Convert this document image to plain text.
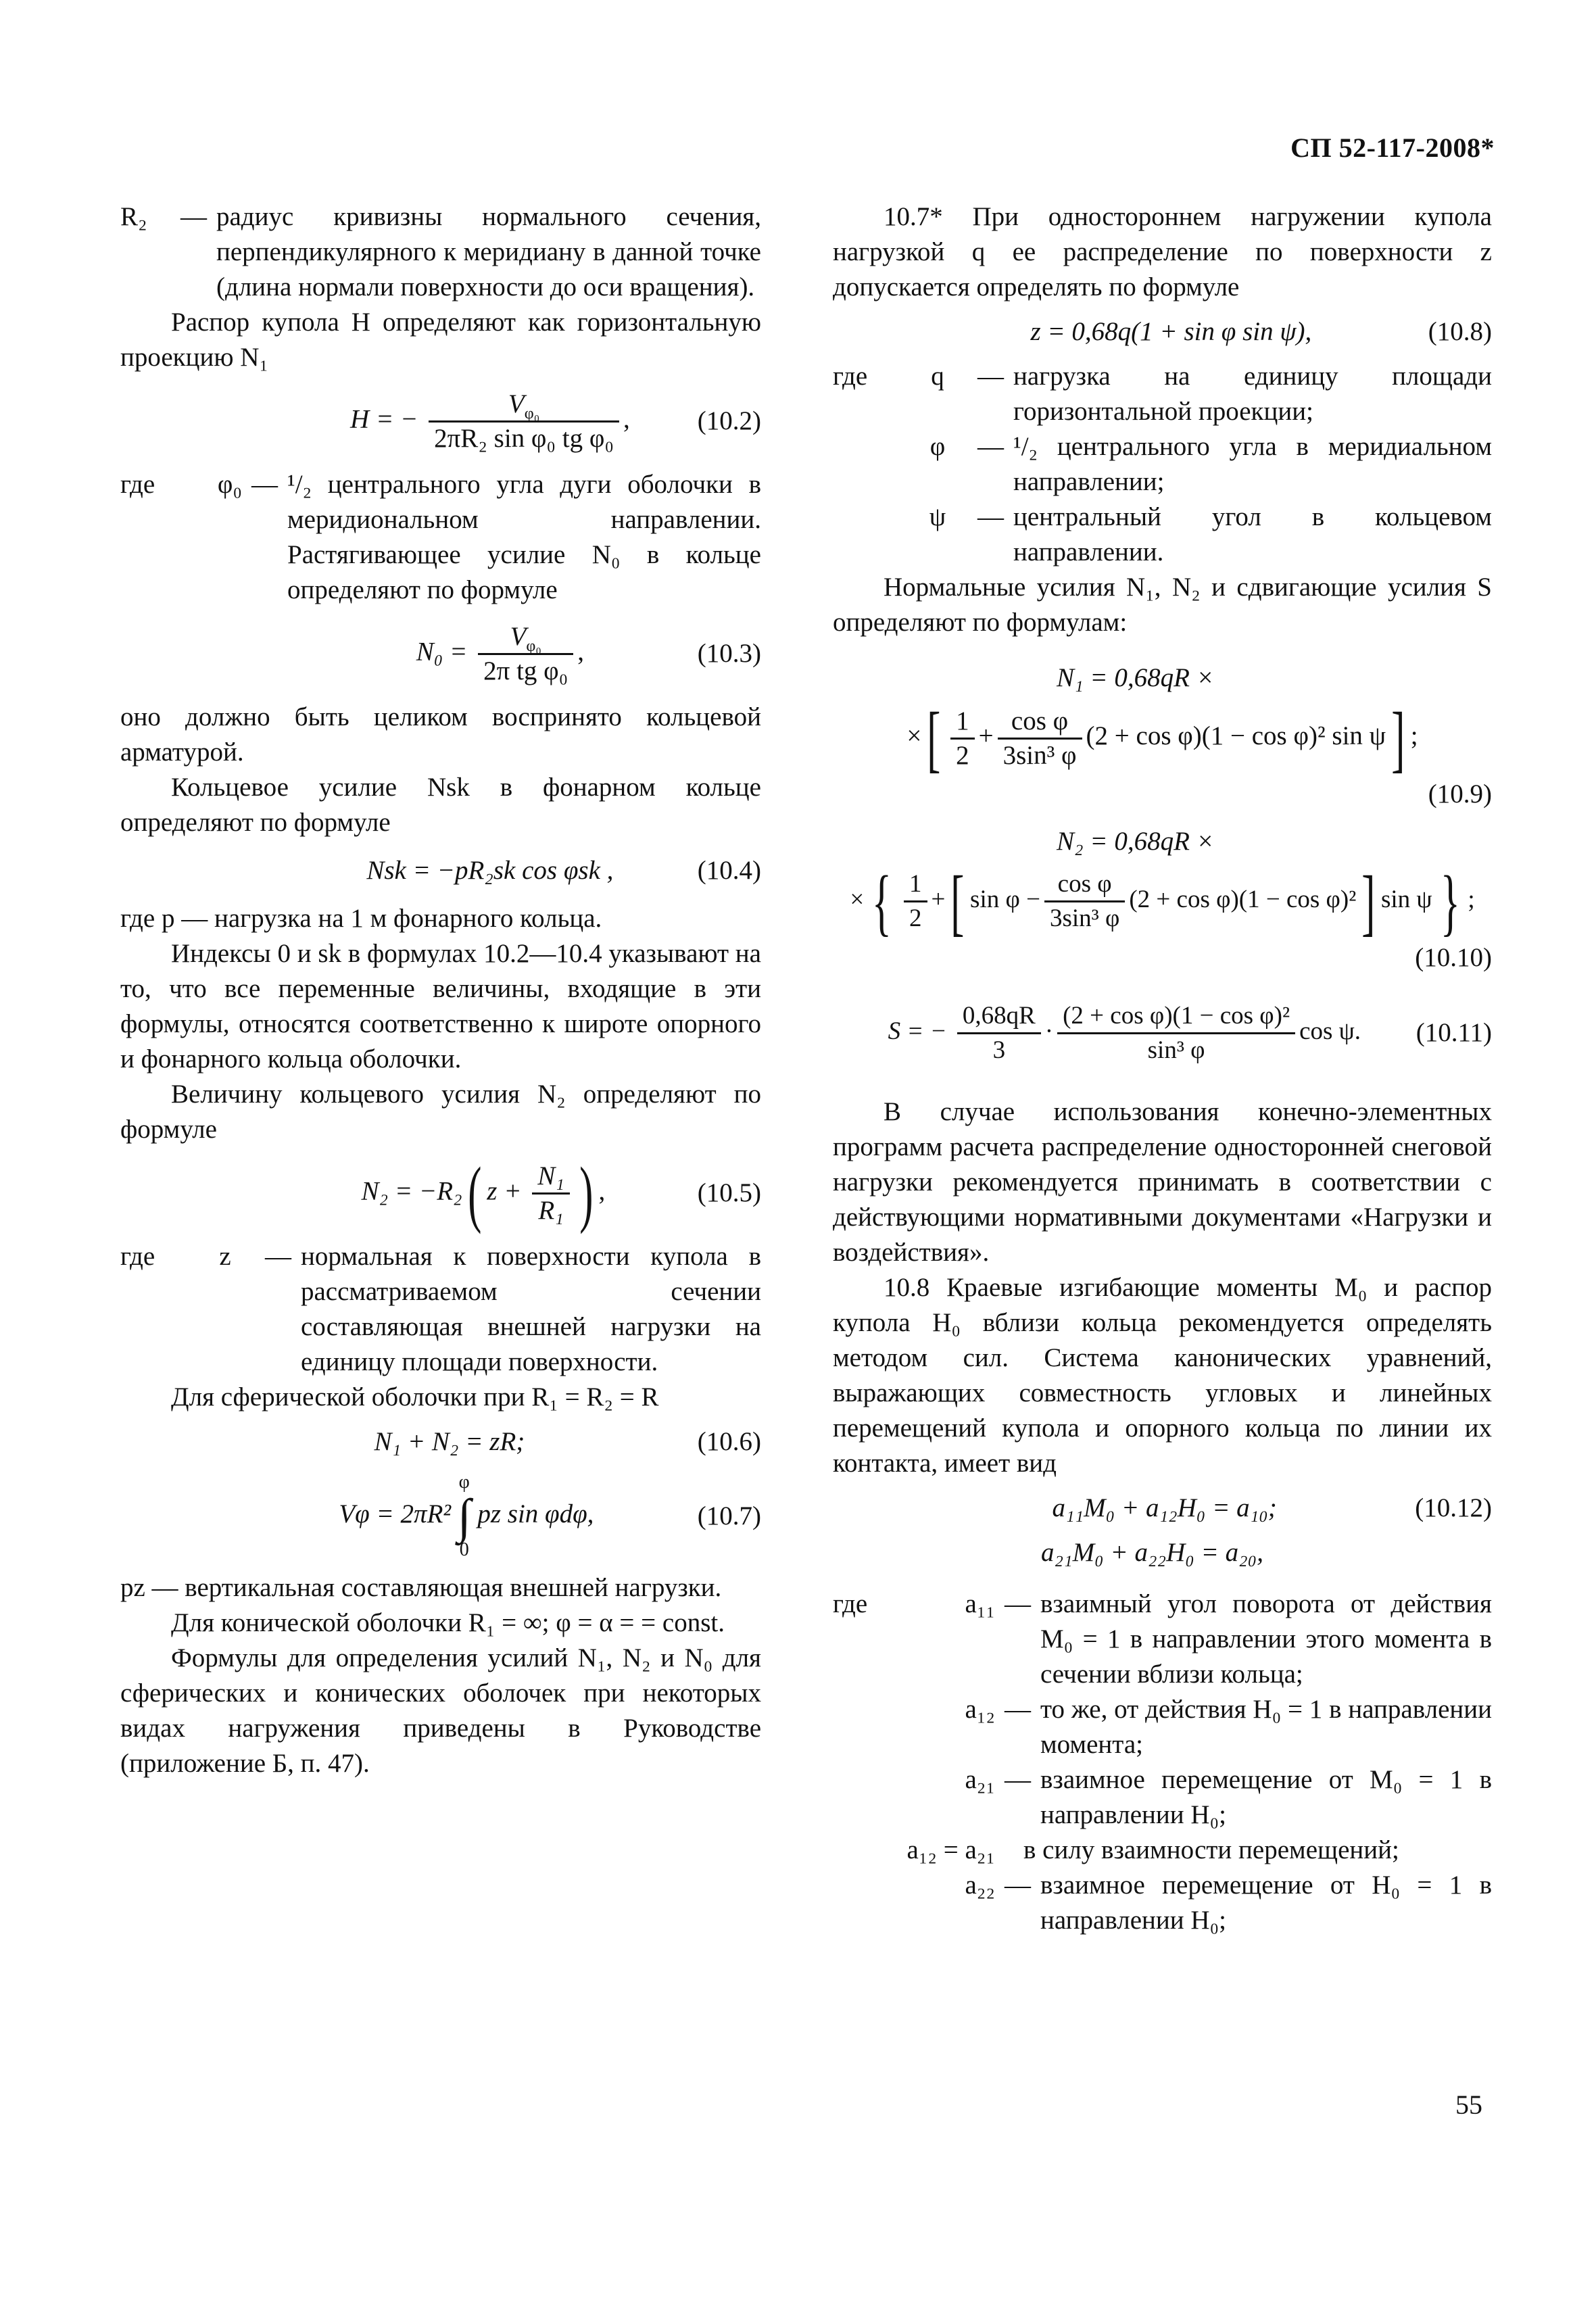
СП 52-117-2008*
R₂	— радиус кривизны нормального сечения, перпендикулярного к меридиану в данной точке (длина нормали поверхности до оси вращения).

Распор купола H определяют как горизонтальную проекцию N₁

H = − $\frac{V_{\varphi_0}}{\text{2πR₂ sin φ₀ tg φ₀}}$ ,	(10.2)
где	φ₀ — ¹/₂ центрального угла дуги оболочки в меридиональном направлении. Растягивающее усилие N₀ в кольце определяют по формуле
$N_0 = \frac{V_{\varphi_0}}{\text{2π tg φ₀}}$ ,	(10.3)

оно должно быть целиком воспринято кольцевой арматурой.

Кольцевое усилие Nsk в фонарном кольце определяют по формуле

Nsk = −pR₂sk cos φsk ,	(10.4)

где p — нагрузка на 1 м фонарного кольца.

Индексы 0 и sk в формулах 10.2—10.4 указывают на то, что все переменные величины, входящие в эти формулы, относятся соответственно к широте опорного и фонарного кольца оболочки.

Величину кольцевого усилия N₂ определяют по формуле

N₂ = −R₂( $z + \frac{\text{N₁}}{\text{R₁}}$ ) ,	(10.5)
где	z	— нормальная к поверхности купола в рассматриваемом сечении составляющая внешней нагрузки на единицу площади поверхности.

Для сферической оболочки при R₁ = R₂ = R

N₁ + N₂ = zR;	(10.6)
Vφ = 2πR²
φ
∫
0
pz sin φdφ,	(10.7)

pz — вертикальная составляющая внешней нагрузки.

Для конической оболочки R₁ = ∞; φ = α = = const.

Формулы для определения усилий N₁, N₂ и N₀ для сферических и конических оболочек при некоторых видах нагружения приведены в Руководстве (приложение Б, п. 47).

10.7* При одностороннем нагружении купола нагрузкой q ее распределение по поверхности z допускается определять по формуле

z = 0,68q(1 + sin φ sin ψ),	(10.8)
где	q	— нагрузка на единицу площади горизонтальной проекции;
φ	— ¹/₂ центрального угла в меридиальном направлении;
ψ	— центральный угол в кольцевом направлении.

Нормальные усилия N₁, N₂ и сдвигающие усилия S определяют по формулам:

N₁ = 0,68qR ×
×[ $\frac{1}{2} + \frac{\text{cos φ}}{\text{3sin³ φ}} (2 + \cos \varphi)(1 - \cos \varphi)^2$ sin ψ] ;

(10.9)

N₂ = 0,68qR ×
× { $\frac{1}{2}$ +[ $\sin \varphi - \frac{\text{cos φ}}{\text{3sin³ φ}} (2 + \cos \varphi)(1 - \cos \varphi)^2$] sin ψ } ;

(10.10)

S = − $\frac{0,68qR}{3} \cdot \frac{\text{(2 + cos φ)(1 − cos φ)²}}{\text{sin³ φ}}$ cos ψ.	(10.11)

В случае использования конечно-элементных программ расчета распределение односторонней снеговой нагрузки рекомендуется принимать в соответствии с действующими нормативными документами «Нагрузки и воздействия».

10.8 Краевые изгибающие моменты M₀ и распор купола H₀ вблизи кольца рекомендуется определять методом сил. Система канонических уравнений, выражающих совместность угловых и линейных перемещений купола и опорного кольца по линии их контакта, имеет вид

a₁₁M₀ + a₁₂H₀ = a₁₀;	(10.12)
a₂₁M₀ + a₂₂H₀ = a₂₀,
где	a₁₁ — взаимный угол поворота от действия M₀ = 1 в направлении этого момента в сечении вблизи кольца;
a₁₂ — то же, от действия H₀ = 1 в направлении момента;
a₂₁ — взаимное перемещение от M₀ = 1 в направлении H₀;
a₁₂ = a₂₁ в силу взаимности перемещений;
a₂₂ — взаимное перемещение от H₀ = 1 в направлении H₀;
55
